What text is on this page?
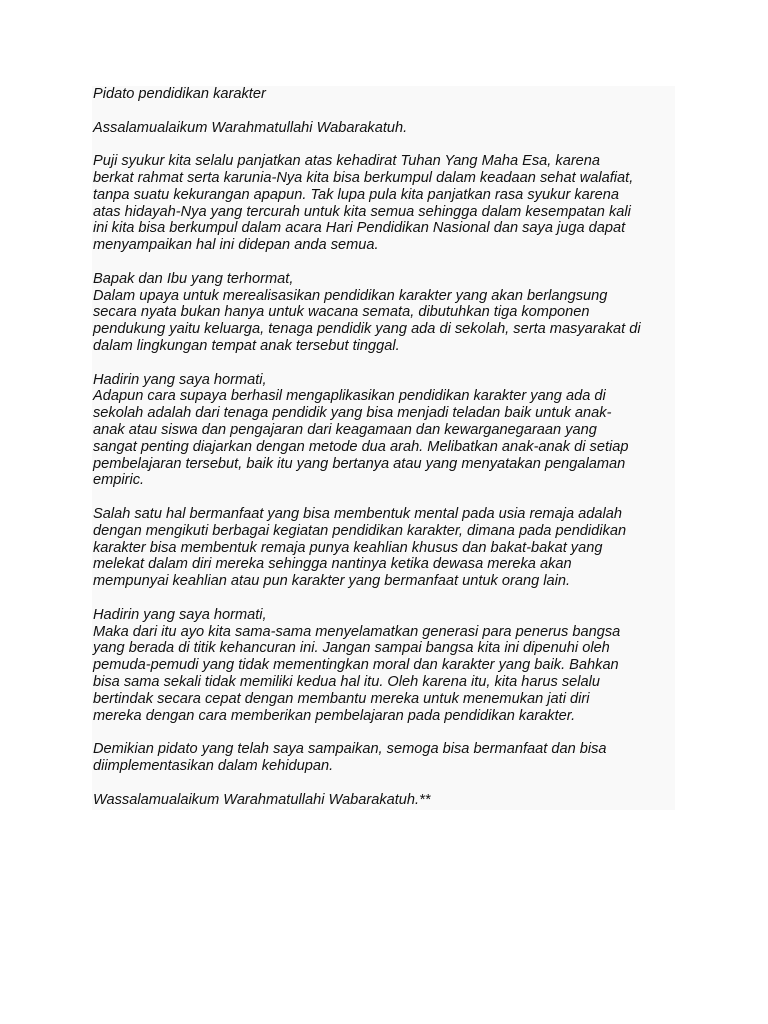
Pidato pendidikan karakter

Assalamualaikum Warahmatullahi Wabarakatuh.

Puji syukur kita selalu panjatkan atas kehadirat Tuhan Yang Maha Esa, karena

berkat rahmat serta karunia-Nya kita bisa berkumpul dalam keadaan sehat walafiat,

tanpa suatu kekurangan apapun. Tak lupa pula kita panjatkan rasa syukur karena

atas hidayah-Nya yang tercurah untuk kita semua sehingga dalam kesempatan kali

ini kita bisa berkumpul dalam acara Hari Pendidikan Nasional dan saya juga dapat

menyampaikan hal ini didepan anda semua.

Bapak dan Ibu yang terhormat,

Dalam upaya untuk merealisasikan pendidikan karakter yang akan berlangsung

secara nyata bukan hanya untuk wacana semata, dibutuhkan tiga komponen

pendukung yaitu keluarga, tenaga pendidik yang ada di sekolah, serta masyarakat di

dalam lingkungan tempat anak tersebut tinggal.

Hadirin yang saya hormati,

Adapun cara supaya berhasil mengaplikasikan pendidikan karakter yang ada di

sekolah adalah dari tenaga pendidik yang bisa menjadi teladan baik untuk anak-

anak atau siswa dan pengajaran dari keagamaan dan kewarganegaraan yang

sangat penting diajarkan dengan metode dua arah. Melibatkan anak-anak di setiap

pembelajaran tersebut, baik itu yang bertanya atau yang menyatakan pengalaman

empiric.

Salah satu hal bermanfaat yang bisa membentuk mental pada usia remaja adalah

dengan mengikuti berbagai kegiatan pendidikan karakter, dimana pada pendidikan

karakter bisa membentuk remaja punya keahlian khusus dan bakat-bakat yang

melekat dalam diri mereka sehingga nantinya ketika dewasa mereka akan

mempunyai keahlian atau pun karakter yang bermanfaat untuk orang lain.

Hadirin yang saya hormati,

Maka dari itu ayo kita sama-sama menyelamatkan generasi para penerus bangsa

yang berada di titik kehancuran ini. Jangan sampai bangsa kita ini dipenuhi oleh

pemuda-pemudi yang tidak mementingkan moral dan karakter yang baik. Bahkan

bisa sama sekali tidak memiliki kedua hal itu. Oleh karena itu, kita harus selalu

bertindak secara cepat dengan membantu mereka untuk menemukan jati diri

mereka dengan cara memberikan pembelajaran pada pendidikan karakter.

Demikian pidato yang telah saya sampaikan, semoga bisa bermanfaat dan bisa

diimplementasikan dalam kehidupan.

Wassalamualaikum Warahmatullahi Wabarakatuh.**
